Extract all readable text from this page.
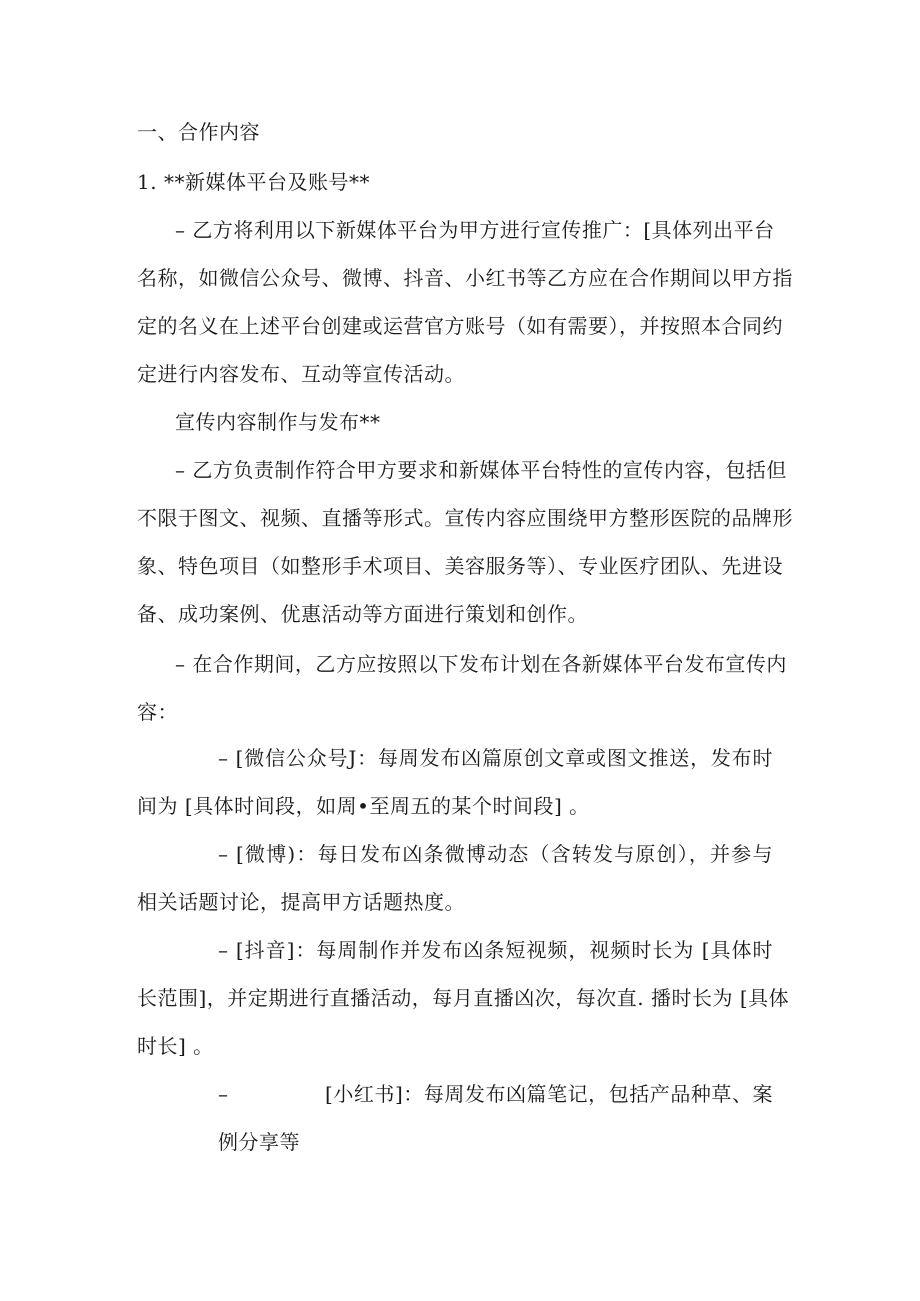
一、合作内容
1. **新媒体平台及账号**
– 乙方将利用以下新媒体平台为甲方进行宣传推广：[具体列出平台
名称，如微信公众号、微博、抖音、小红书等乙方应在合作期间以甲方指
定的名义在上述平台创建或运营官方账号（如有需要），并按照本合同约
定进行内容发布、互动等宣传活动。
宣传内容制作与发布**
– 乙方负责制作符合甲方要求和新媒体平台特性的宣传内容，包括但
不限于图文、视频、直播等形式。宣传内容应围绕甲方整形医院的品牌形
象、特色项目（如整形手术项目、美容服务等）、专业医疗团队、先进设
备、成功案例、优惠活动等方面进行策划和创作。
– 在合作期间，乙方应按照以下发布计划在各新媒体平台发布宣传内
容：
– [微信公众号J：每周发布凶篇原创文章或图文推送，发布时
间为 [具体时间段，如周•至周五的某个时间段] 。
– [微博)：每日发布凶条微博动态（含转发与原创），并参与
相关话题讨论，提高甲方话题热度。
– [抖音]：每周制作并发布凶条短视频，视频时长为 [具体时
长范围]，并定期进行直播活动，每月直播凶次，每次直. 播时长为 [具体
时长] 。
–	[小红书]：每周发布凶篇笔记，包括产品种草、案
例分享等
